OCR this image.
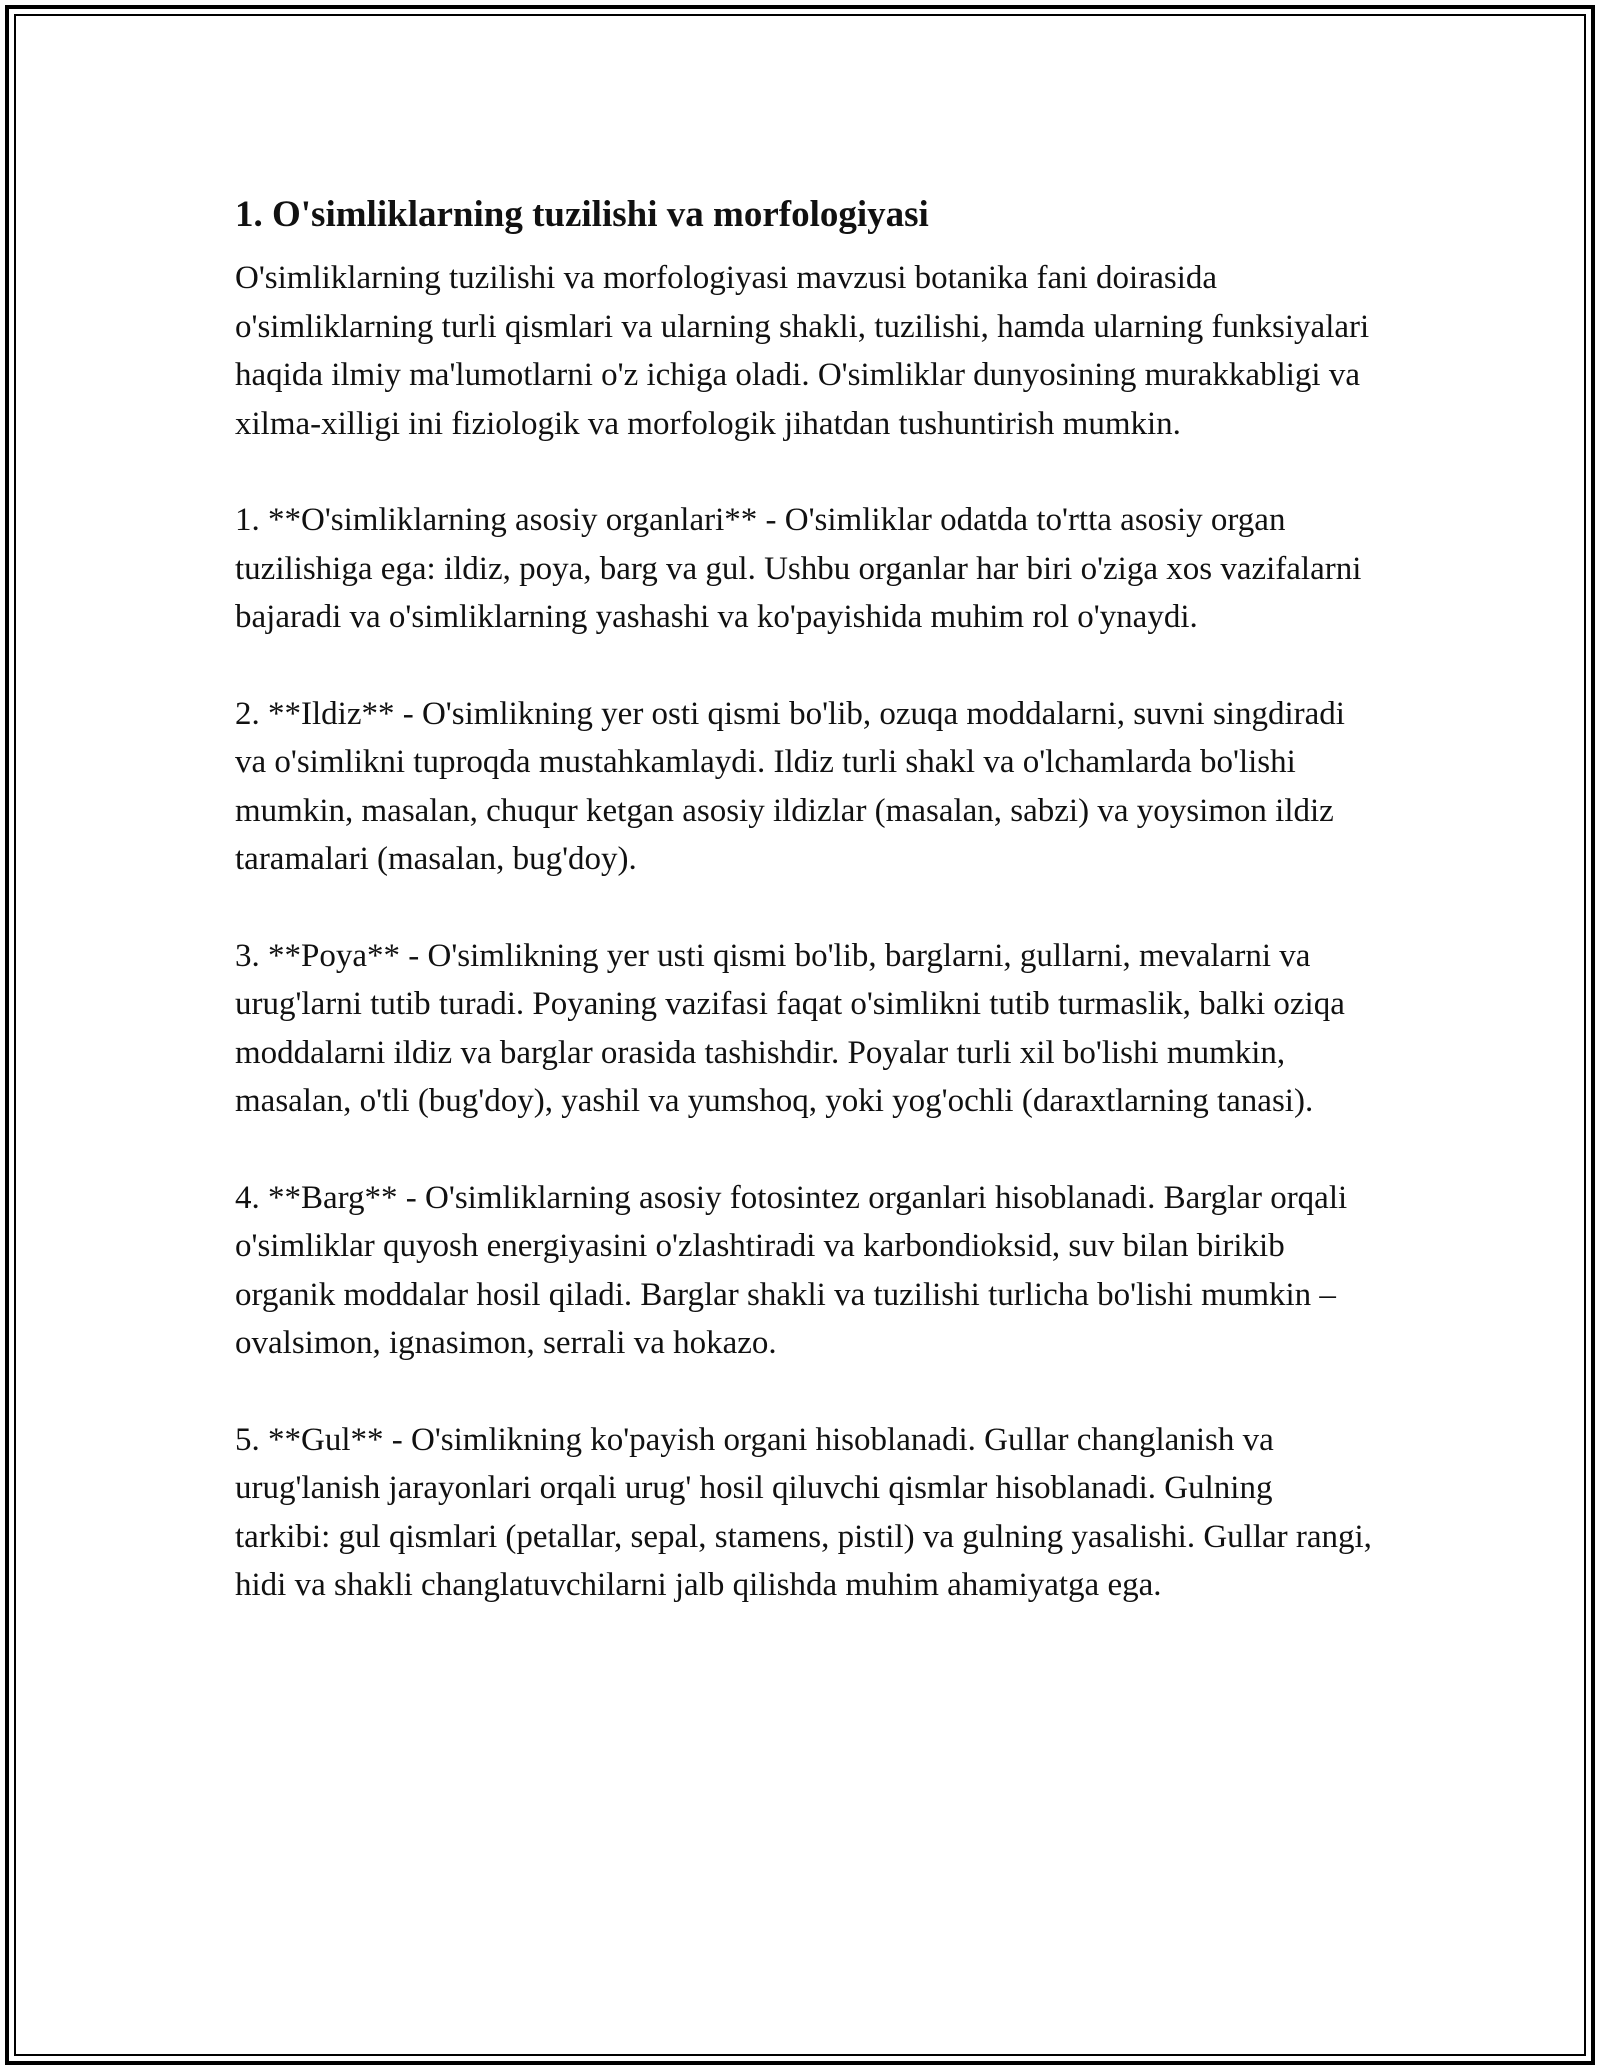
1. O'simliklarning tuzilishi va morfologiyasi

O'simliklarning tuzilishi va morfologiyasi mavzusi botanika fani doirasida o'simliklarning turli qismlari va ularning shakli, tuzilishi, hamda ularning funksiyalari haqida ilmiy ma'lumotlarni o'z ichiga oladi. O'simliklar dunyosining murakkabligi va xilma-xilligi ini fiziologik va morfologik jihatdan tushuntirish mumkin.

1. **O'simliklarning asosiy organlari** - O'simliklar odatda to'rtta asosiy organ tuzilishiga ega: ildiz, poya, barg va gul. Ushbu organlar har biri o'ziga xos vazifalarni bajaradi va o'simliklarning yashashi va ko'payishida muhim rol o'ynaydi.

2. **Ildiz** - O'simlikning yer osti qismi bo'lib, ozuqa moddalarni, suvni singdiradi va o'simlikni tuproqda mustahkamlaydi. Ildiz turli shakl va o'lchamlarda bo'lishi mumkin, masalan, chuqur ketgan asosiy ildizlar (masalan, sabzi) va yoysimon ildiz taramalari (masalan, bug'doy).

3. **Poya** - O'simlikning yer usti qismi bo'lib, barglarni, gullarni, mevalarni va urug'larni tutib turadi. Poyaning vazifasi faqat o'simlikni tutib turmaslik, balki oziqa moddalarni ildiz va barglar orasida tashishdir. Poyalar turli xil bo'lishi mumkin, masalan, o'tli (bug'doy), yashil va yumshoq, yoki yog'ochli (daraxtlarning tanasi).

4. **Barg** - O'simliklarning asosiy fotosintez organlari hisoblanadi. Barglar orqali o'simliklar quyosh energiyasini o'zlashtiradi va karbondioksid, suv bilan birikib organik moddalar hosil qiladi. Barglar shakli va tuzilishi turlicha bo'lishi mumkin – ovalsimon, ignasimon, serrali va hokazo.

5. **Gul** - O'simlikning ko'payish organi hisoblanadi. Gullar changlanish va urug'lanish jarayonlari orqali urug' hosil qiluvchi qismlar hisoblanadi. Gulning tarkibi: gul qismlari (petallar, sepal, stamens, pistil) va gulning yasalishi. Gullar rangi, hidi va shakli changlatuvchilarni jalb qilishda muhim ahamiyatga ega.
